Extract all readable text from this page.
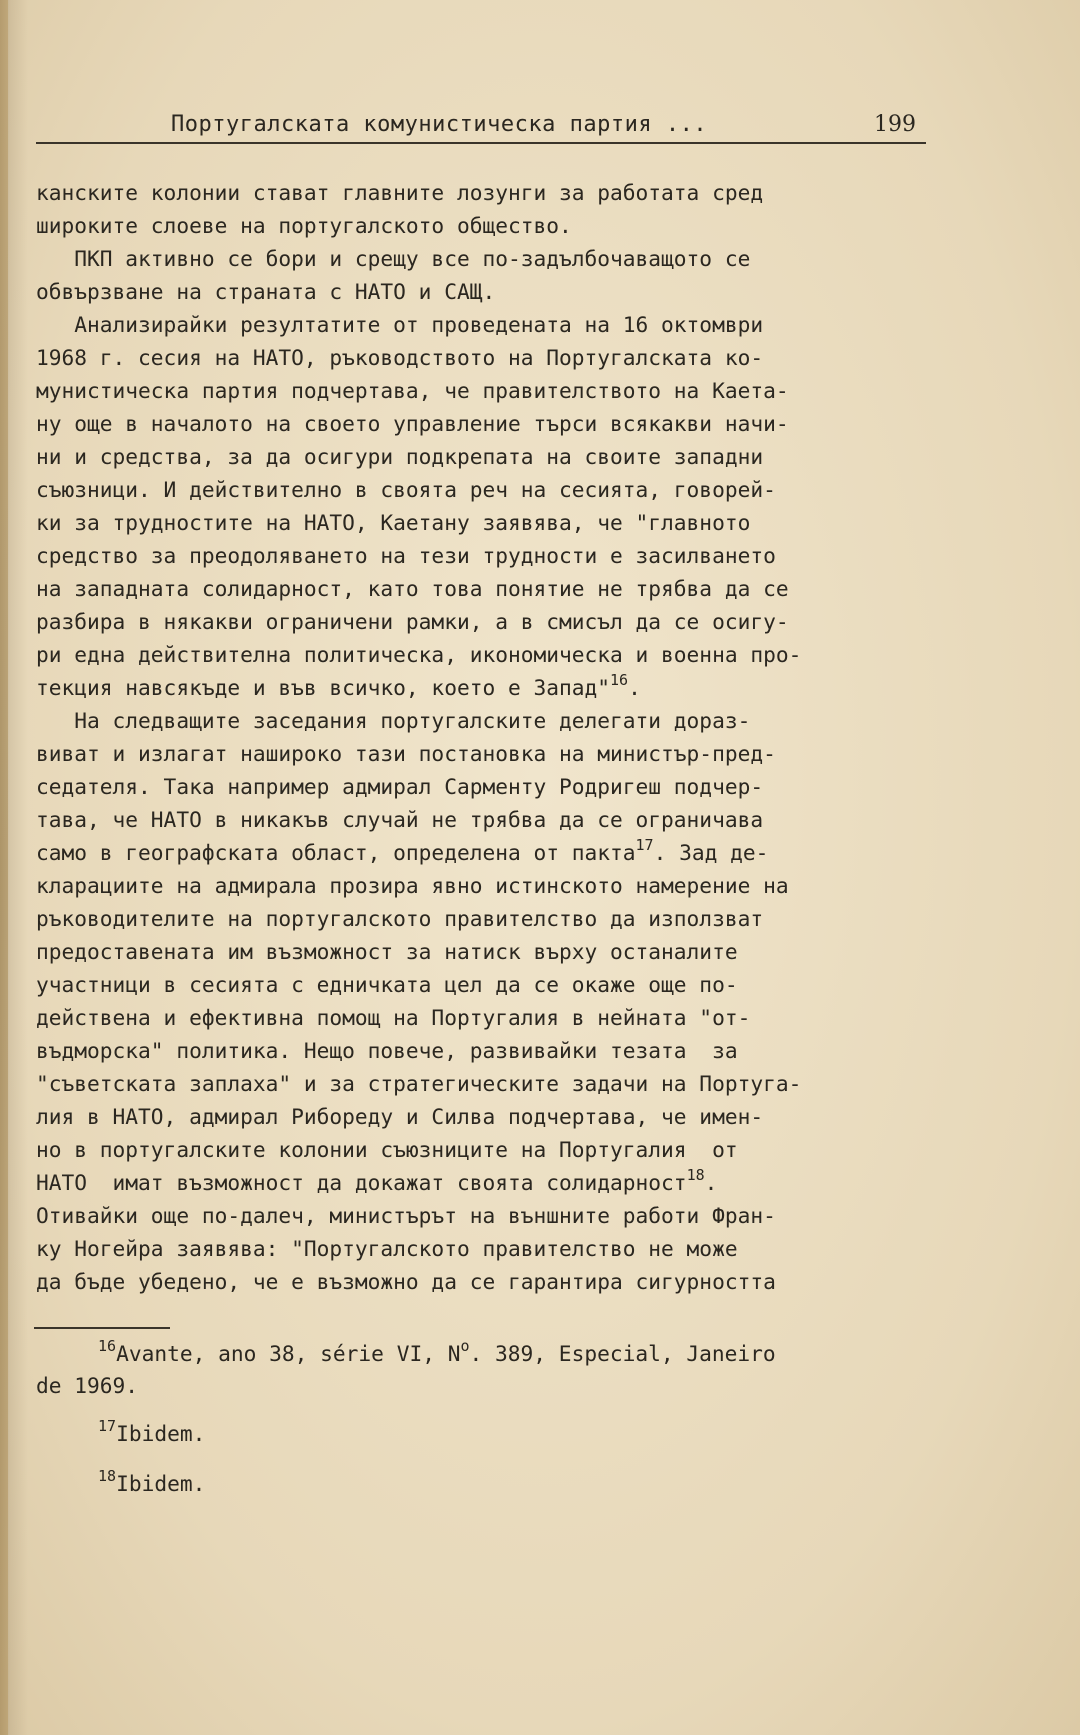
Португалската комунистическа партия ...	199
канските колонии стават главните лозунги за работата сред
широките слоеве на португалското общество.
ПКП активно се бори и срещу все по-задълбочаващото се
обвързване на страната с НАТО и САЩ.
Анализирайки резултатите от проведената на 16 октомври
1968 г. сесия на НАТО, ръководството на Португалската ко-
мунистическа партия подчертава, че правителството на Каета-
ну още в началото на своето управление търси всякакви начи-
ни и средства, за да осигури подкрепата на своите западни
съюзници. И действително в своята реч на сесията, говорей-
ки за трудностите на НАТО, Каетану заявява, че "главното
средство за преодоляването на тези трудности е засилването
на западната солидарност, като това понятие не трябва да се
разбира в някакви ограничени рамки, а в смисъл да се осигу-
ри една действителна политическа, икономическа и военна про-
текция навсякъде и във всичко, което е Запад"$^{16}$.
На следващите заседания португалските делегати дораз-
виват и излагат нашироко тази постановка на министър-пред-
седателя. Така например адмирал Сарменту Родригеш подчер-
тава, че НАТО в никакъв случай не трябва да се ограничава
само в географската област, определена от пакта$^{17}$. Зад де-
кларациите на адмирала прозира явно истинското намерение на
ръководителите на португалското правителство да използват
предоставената им възможност за натиск върху останалите
участници в сесията с едничката цел да се окаже още по-
действена и ефективна помощ на Португалия в нейната "от-
въдморска" политика. Нещо повече, развивайки тезата  за
"съветската заплаха" и за стратегическите задачи на Португа-
лия в НАТО, адмирал Рибореду и Силва подчертава, че имен-
но в португалските колонии съюзниците на Португалия  от
НАТО  имат възможност да докажат своята солидарност$^{18}$.
Отивайки още по-далеч, министърът на външните работи Фран-
ку Ногейра заявява: "Португалското правителство не може
да бъде убедено, че е възможно да се гарантира сигурността
$^{16}$Avante, ano 38, série VI, $N^o$. 389, Especial, Janeiro
de 1969.
$^{17}$Ibidem.
$^{18}$Ibidem.
